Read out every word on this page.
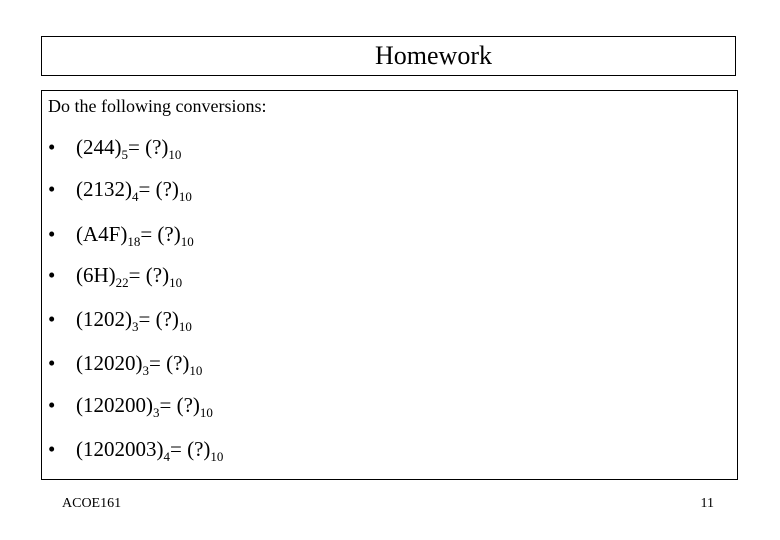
Homework
Do the following conversions:
• (244) 5 = (?) 10
• (2132) 4 = (?) 10
• (A4F) 18 = (?) 10
• (6H) 22 = (?) 10
• (1202) 3 = (?) 10
• (12020) 3 = (?) 10
• (120200) 3 = (?) 10
• (1202003) 4 = (?) 10
ACOE161	11
